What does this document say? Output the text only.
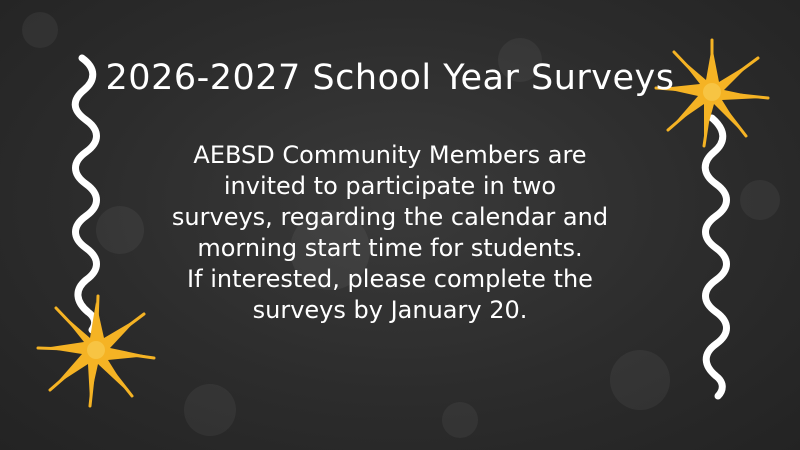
2026-2027 School Year Surveys
AEBSD Community Members are
invited to participate in two
surveys, regarding the calendar and
morning start time for students.
If interested, please complete the
surveys by January 20.
